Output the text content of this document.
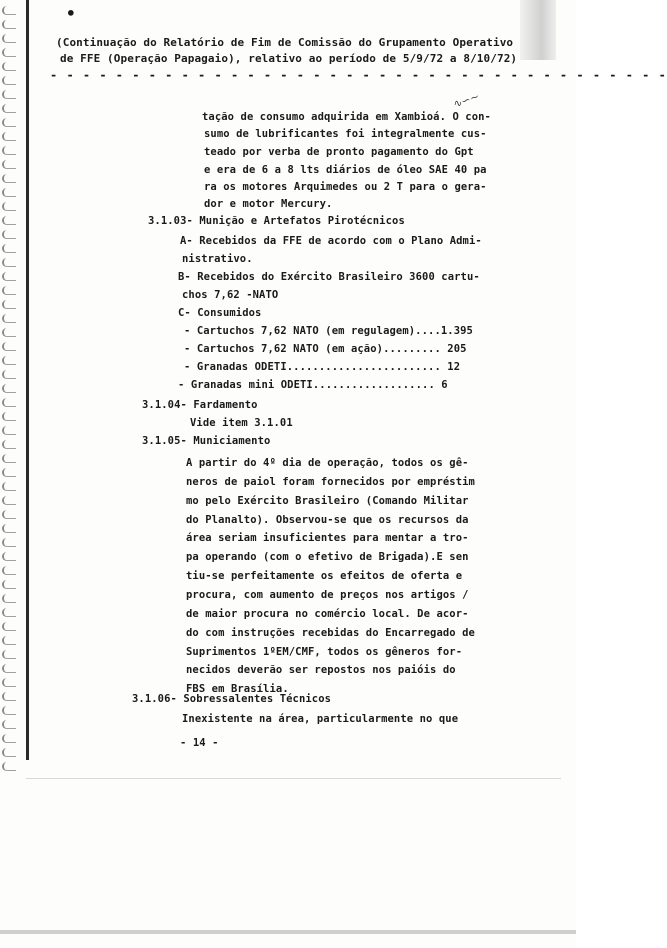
•
(Continuação do Relatório de Fim de Comissão do Grupamento Operativo
de FFE (Operação Papagaio), relativo ao período de 5/9/72 a 8/10/72)
- - - - - - - - - - - - - - - - - - - - - - - - - - - - - - - - - - - - - -
∿∽∼
tação de consumo adquirida em Xambioá. O con-
sumo de lubrificantes foi integralmente cus-
teado por verba de pronto pagamento do Gpt
e era de 6 a 8 lts diários de óleo SAE 40 pa
ra os motores Arquimedes ou 2 T para o gera-
dor e motor Mercury.
3.1.03- Munição e Artefatos Pirotécnicos
A- Recebidos da FFE de acordo com o Plano Admi-
nistrativo.
B- Recebidos do Exército Brasileiro 3600 cartu-
chos 7,62 -NATO
C- Consumidos
- Cartuchos 7,62 NATO (em regulagem)....1.395
- Cartuchos 7,62 NATO (em ação)......... 205
- Granadas ODETI........................ 12
- Granadas mini ODETI................... 6
3.1.04- Fardamento
Vide item 3.1.01
3.1.05- Municiamento
A partir do 4º dia de operação, todos os gê-
neros de paiol foram fornecidos por empréstim
mo pelo Exército Brasileiro (Comando Militar
do Planalto). Observou-se que os recursos da
área seriam insuficientes para mentar a tro-
pa operando (com o efetivo de Brigada).E sen
tiu-se perfeitamente os efeitos de oferta e
procura, com aumento de preços nos artigos /
de maior procura no comércio local. De acor-
do com instruções recebidas do Encarregado de
Suprimentos 1ºEM/CMF, todos os gêneros for-
necidos deverão ser repostos nos paióis do
FBS em Brasília.
3.1.06- Sobressalentes Técnicos
Inexistente na área, particularmente no que
- 14 -
